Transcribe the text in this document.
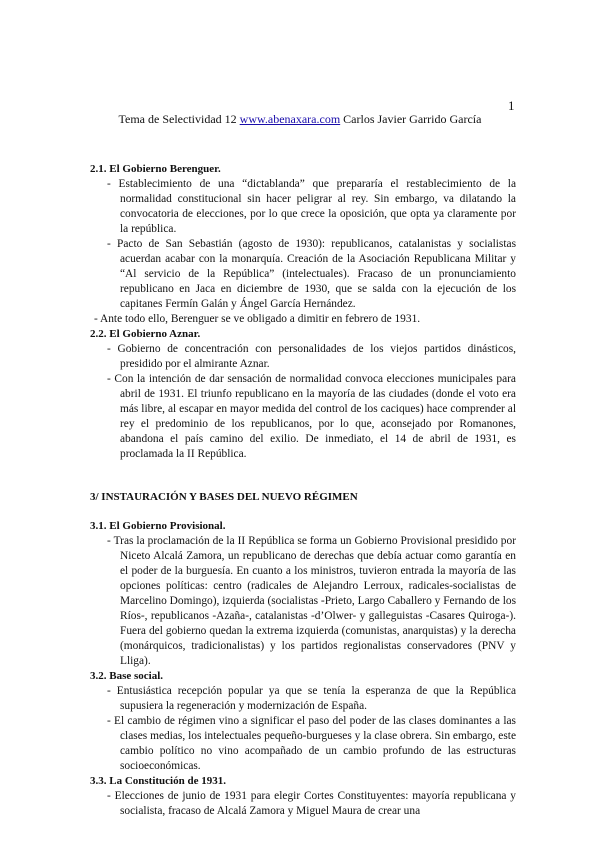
1
Tema de Selectividad 12 www.abenaxara.com Carlos Javier Garrido García

2.1. El Gobierno Berenguer.

- Establecimiento de una “dictablanda” que prepararía el restablecimiento de la normalidad constitucional sin hacer peligrar al rey. Sin embargo, va dilatando la convocatoria de elecciones, por lo que crece la oposición, que opta ya claramente por la república.

- Pacto de San Sebastián (agosto de 1930): republicanos, catalanistas y socialistas acuerdan acabar con la monarquía. Creación de la Asociación Republicana Militar y “Al servicio de la República” (intelectuales). Fracaso de un pronunciamiento republicano en Jaca en diciembre de 1930, que se salda con la ejecución de los capitanes Fermín Galán y Ángel García Hernández.

- Ante todo ello, Berenguer se ve obligado a dimitir en febrero de 1931.

2.2. El Gobierno Aznar.

- Gobierno de concentración con personalidades de los viejos partidos dinásticos, presidido por el almirante Aznar.

- Con la intención de dar sensación de normalidad convoca elecciones municipales para abril de 1931. El triunfo republicano en la mayoría de las ciudades (donde el voto era más libre, al escapar en mayor medida del control de los caciques) hace comprender al rey el predominio de los republicanos, por lo que, aconsejado por Romanones, abandona el país camino del exilio. De inmediato, el 14 de abril de 1931, es proclamada la II República.

3/ INSTAURACIÓN Y BASES DEL NUEVO RÉGIMEN

3.1. El Gobierno Provisional.

- Tras la proclamación de la II República se forma un Gobierno Provisional presidido por Niceto Alcalá Zamora, un republicano de derechas que debía actuar como garantía en el poder de la burguesía. En cuanto a los ministros, tuvieron entrada la mayoría de las opciones políticas: centro (radicales de Alejandro Lerroux, radicales-socialistas de Marcelino Domingo), izquierda (socialistas -Prieto, Largo Caballero y Fernando de los Ríos-, republicanos -Azaña-, catalanistas -d’Olwer- y galleguistas -Casares Quiroga-). Fuera del gobierno quedan la extrema izquierda (comunistas, anarquistas) y la derecha (monárquicos, tradicionalistas) y los partidos regionalistas conservadores (PNV y Lliga).

3.2. Base social.

- Entusiástica recepción popular ya que se tenía la esperanza de que la República supusiera la regeneración y modernización de España.

- El cambio de régimen vino a significar el paso del poder de las clases dominantes a las clases medias, los intelectuales pequeño-burgueses y la clase obrera. Sin embargo, este cambio político no vino acompañado de un cambio profundo de las estructuras socioeconómicas.

3.3. La Constitución de 1931.

- Elecciones de junio de 1931 para elegir Cortes Constituyentes: mayoría republicana y socialista, fracaso de Alcalá Zamora y Miguel Maura de crear una
